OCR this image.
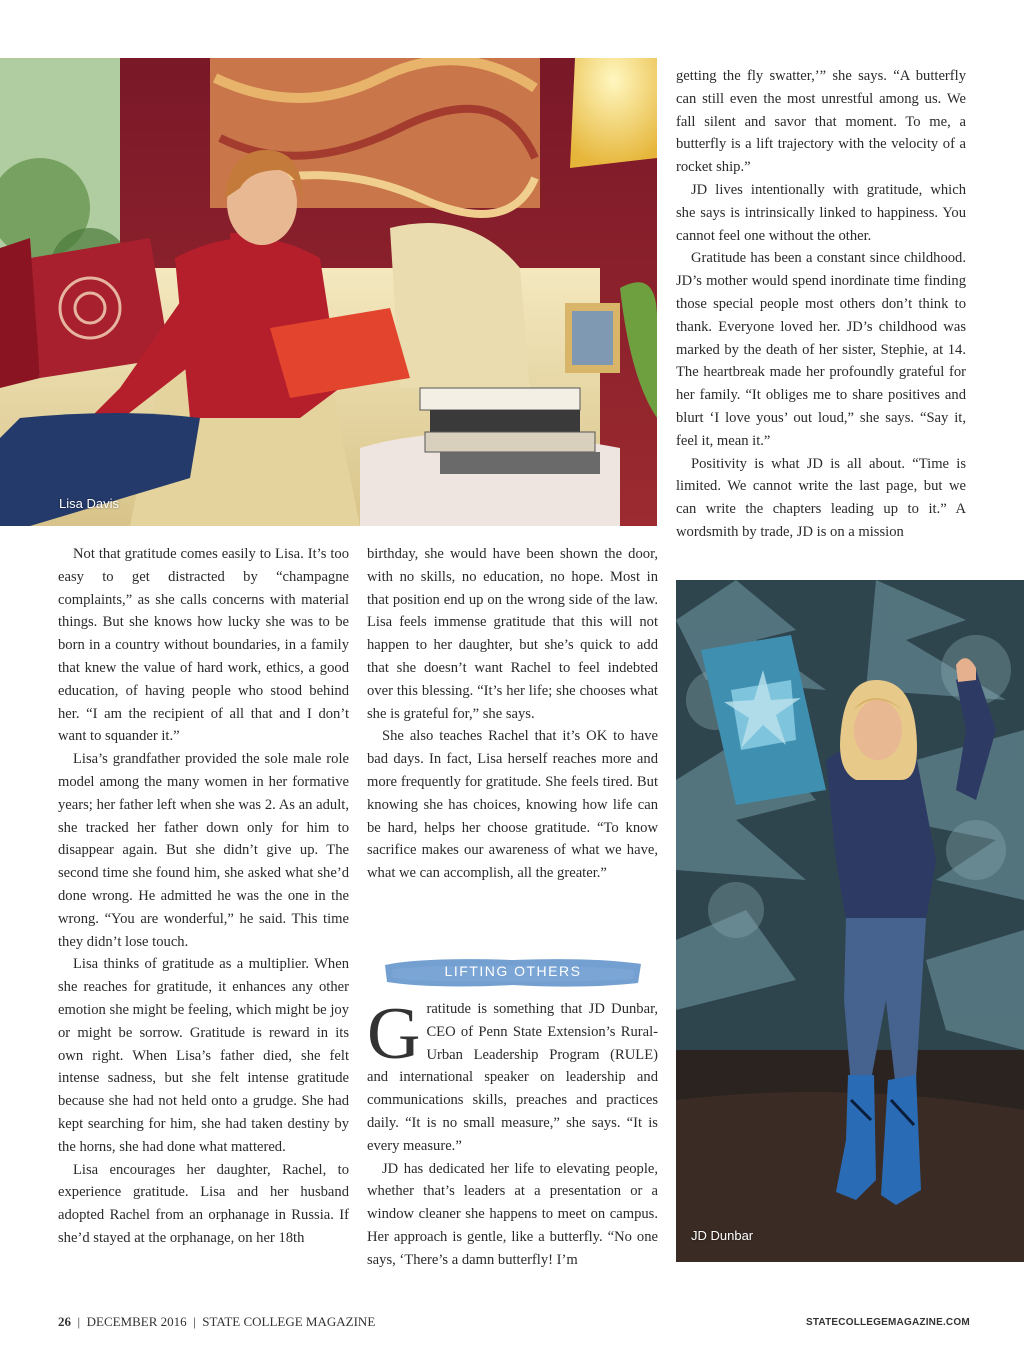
Lisa Davis

Not that gratitude comes easily to Lisa. It’s too easy to get distracted by “champagne complaints,” as she calls concerns with material things. But she knows how lucky she was to be born in a country without boundaries, in a family that knew the value of hard work, ethics, a good education, of having people who stood behind her. “I am the recipient of all that and I don’t want to squander it.”

Lisa’s grandfather provided the sole male role model among the many women in her formative years; her father left when she was 2. As an adult, she tracked her father down only for him to disappear again. But she didn’t give up. The second time she found him, she asked what she’d done wrong. He admitted he was the one in the wrong. “You are wonderful,” he said. This time they didn’t lose touch.

Lisa thinks of gratitude as a multiplier. When she reaches for gratitude, it enhances any other emotion she might be feeling, which might be joy or might be sorrow. Gratitude is reward in its own right. When Lisa’s father died, she felt intense sadness, but she felt intense gratitude because she had not held onto a grudge. She had kept searching for him, she had taken destiny by the horns, she had done what mattered.

Lisa encourages her daughter, Rachel, to experience gratitude. Lisa and her husband adopted Rachel from an orphanage in Russia. If she’d stayed at the orphanage, on her 18th

birthday, she would have been shown the door, with no skills, no education, no hope. Most in that position end up on the wrong side of the law. Lisa feels immense gratitude that this will not happen to her daughter, but she’s quick to add that she doesn’t want Rachel to feel indebted over this blessing. “It’s her life; she chooses what she is grateful for,” she says.

She also teaches Rachel that it’s OK to have bad days. In fact, Lisa herself reaches more and more frequently for gratitude. She feels tired. But knowing she has choices, knowing how life can be hard, helps her choose gratitude. “To know sacrifice makes our awareness of what we have, what we can accomplish, all the greater.”

LIFTING OTHERS

Gratitude is something that JD Dunbar, CEO of Penn State Extension’s Rural-Urban Leadership Program (RULE) and international speaker on leadership and communications skills, preaches and practices daily. “It is no small measure,” she says. “It is every measure.”

JD has dedicated her life to elevating people, whether that’s leaders at a presentation or a window cleaner she happens to meet on campus. Her approach is gentle, like a butterfly. “No one says, ‘There’s a damn butterfly! I’m

getting the fly swatter,’” she says. “A butterfly can still even the most unrestful among us. We fall silent and savor that moment. To me, a butterfly is a lift trajectory with the velocity of a rocket ship.”

JD lives intentionally with gratitude, which she says is intrinsically linked to happiness. You cannot feel one without the other.

Gratitude has been a constant since childhood. JD’s mother would spend inordinate time finding those special people most others don’t think to thank. Everyone loved her. JD’s childhood was marked by the death of her sister, Stephie, at 14. The heartbreak made her profoundly grateful for her family. “It obliges me to share positives and blurt ‘I love yous’ out loud,” she says. “Say it, feel it, mean it.”

Positivity is what JD is all about. “Time is limited. We cannot write the last page, but we can write the chapters leading up to it.” A wordsmith by trade, JD is on a mission

JD Dunbar
26 | DECEMBER 2016 | STATE COLLEGE MAGAZINE	STATECOLLEGEMAGAZINE.COM
